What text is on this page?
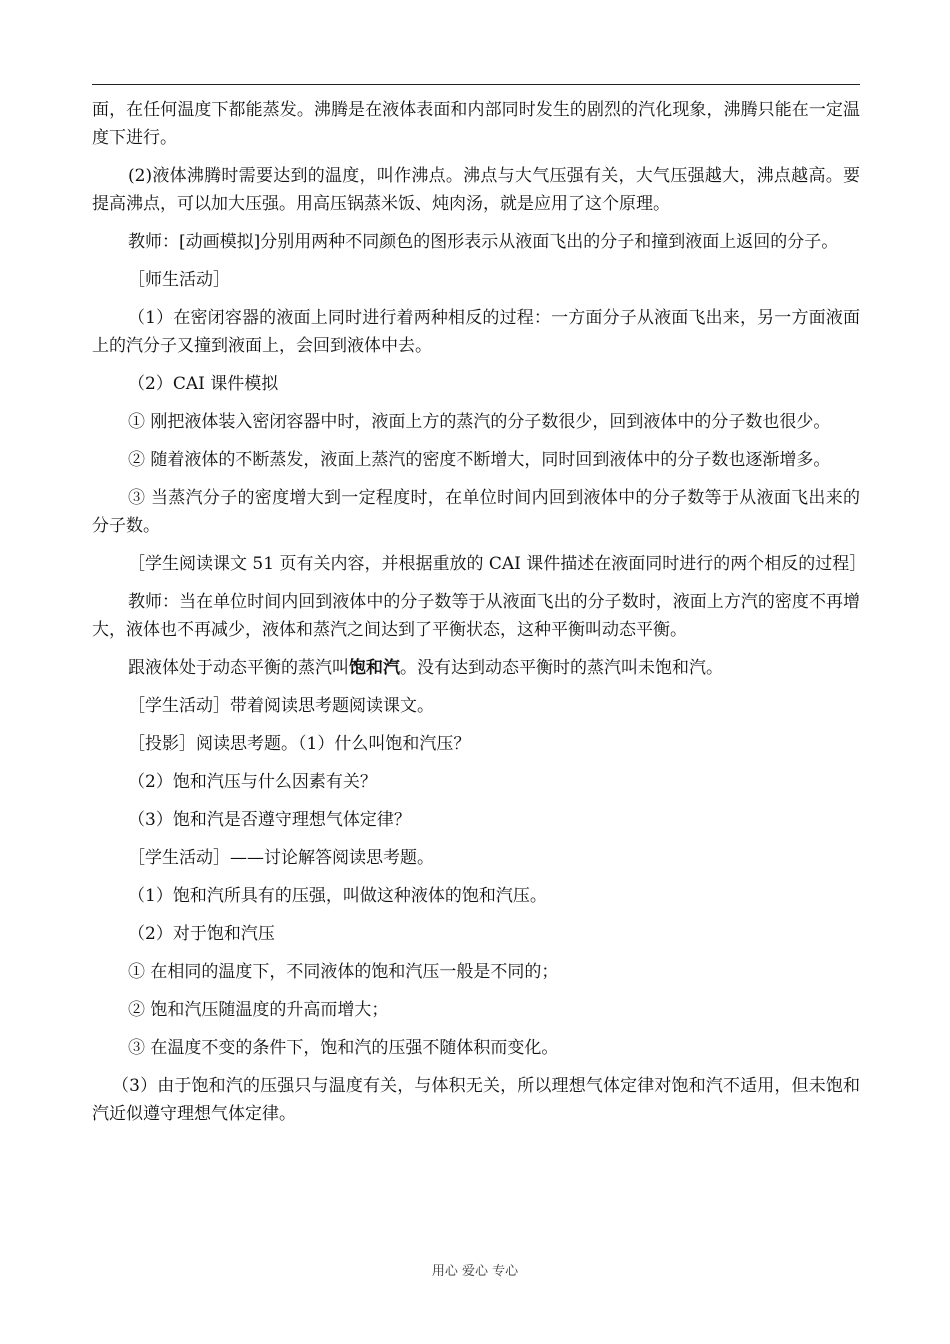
面，在任何温度下都能蒸发。沸腾是在液体表面和内部同时发生的剧烈的汽化现象，沸腾只能在一定温度下进行。

(2)液体沸腾时需要达到的温度，叫作沸点。沸点与大气压强有关，大气压强越大，沸点越高。要提高沸点，可以加大压强。用高压锅蒸米饭、炖肉汤，就是应用了这个原理。

教师：[动画模拟]分别用两种不同颜色的图形表示从液面飞出的分子和撞到液面上返回的分子。

［师生活动］

（1）在密闭容器的液面上同时进行着两种相反的过程：一方面分子从液面飞出来，另一方面液面上的汽分子又撞到液面上，会回到液体中去。

（2）CAI 课件模拟

① 刚把液体装入密闭容器中时，液面上方的蒸汽的分子数很少，回到液体中的分子数也很少。

② 随着液体的不断蒸发，液面上蒸汽的密度不断增大，同时回到液体中的分子数也逐渐增多。

③ 当蒸汽分子的密度增大到一定程度时，在单位时间内回到液体中的分子数等于从液面飞出来的分子数。

［学生阅读课文 51 页有关内容，并根据重放的 CAI 课件描述在液面同时进行的两个相反的过程］

教师：当在单位时间内回到液体中的分子数等于从液面飞出的分子数时，液面上方汽的密度不再增大，液体也不再减少，液体和蒸汽之间达到了平衡状态，这种平衡叫动态平衡。

跟液体处于动态平衡的蒸汽叫饱和汽。没有达到动态平衡时的蒸汽叫未饱和汽。

［学生活动］带着阅读思考题阅读课文。

［投影］阅读思考题。（1）什么叫饱和汽压？

（2）饱和汽压与什么因素有关？

（3）饱和汽是否遵守理想气体定律？

［学生活动］——讨论解答阅读思考题。

（1）饱和汽所具有的压强，叫做这种液体的饱和汽压。

（2）对于饱和汽压

① 在相同的温度下，不同液体的饱和汽压一般是不同的；

② 饱和汽压随温度的升高而增大；

③ 在温度不变的条件下，饱和汽的压强不随体积而变化。

（3）由于饱和汽的压强只与温度有关，与体积无关，所以理想气体定律对饱和汽不适用，但未饱和汽近似遵守理想气体定律。

用心 爱心 专心
